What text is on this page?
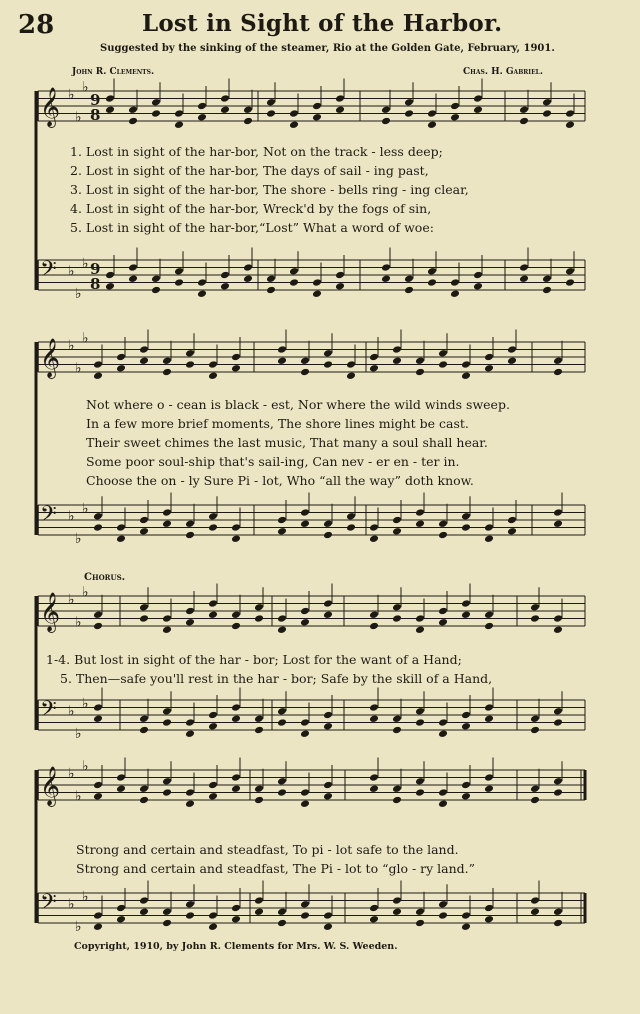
28	Lost in Sight of the Harbor.
Suggested by the sinking of the steamer, Rio at the Golden Gate, February, 1901.
John R. Clements.	Chas. H. Gabriel.
𝄞 ♭
♭
♭
9
8
𝄢 ♭
♭
♭ 9
8
𝄞 ♭
♭
♭
𝄢 ♭
♭
♭
𝄞 ♭
♭
♭
𝄢 ♭
♭
♭
𝄞 ♭
♭
♭
𝄢 ♭
♭
♭
1. Lost in sight of the har-bor, Not on the track - less deep;
2. Lost in sight of the har-bor, The days of sail - ing past,
3. Lost in sight of the har-bor, The shore - bells ring - ing clear,
4. Lost in sight of the har-bor, Wreck'd by the fogs of sin,
5. Lost in sight of the har-bor,“Lost” What a word of woe:
Not where o - cean is black - est, Nor where the wild winds sweep.
In a few more brief moments, The shore lines might be cast.
Their sweet chimes the last music, That many a soul shall hear.
Some poor soul-ship that's sail-ing, Can nev - er en - ter in.
Choose the on - ly Sure Pi - lot, Who “all the way” doth know.
Chorus.
1-4. But lost in sight of the har - bor; Lost for the want of a Hand;
5. Then—safe you'll rest in the har - bor; Safe by the skill of a Hand,
Strong and certain and steadfast, To pi - lot safe to the land.
Strong and certain and steadfast, The Pi - lot to “glo - ry land.”
Copyright, 1910, by John R. Clements for Mrs. W. S. Weeden.
